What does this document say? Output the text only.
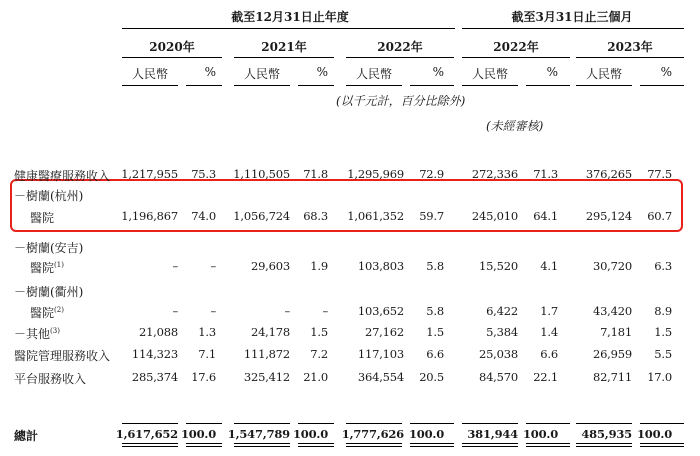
截至12月31日止年度	截至3月31日止三個月
2020年	2021年	2022年	2022年	2023年
人民幣	%	人民幣	%	人民幣	%	人民幣	%	人民幣	%
(以千元計，百分比除外)
(未經審核)
健康醫療服務收入 1,217,955	75.3	1,110,505	71.8	1,295,969	72.9	272,336	71.3	376,265	77.5
－樹蘭(杭州)
醫院	1,196,867	74.0	1,056,724	68.3	1,061,352	59.7	245,010	64.1	295,124	60.7
－樹蘭(安吉)
醫院$^{(1)}$	–	–	29,603	1.9	103,803	5.8	15,520	4.1	30,720	6.3
－樹蘭(衢州)
醫院$^{(2)}$	–	–	–	–	103,652	5.8	6,422	1.7	43,420	8.9
－其他$^{(3)}$	21,088	1.3	24,178	1.5	27,162	1.5	5,384	1.4	7,181	1.5
醫院管理服務收入	114,323	7.1	111,872	7.2	117,103	6.6	25,038	6.6	26,959	5.5
平台服務收入	285,374	17.6	325,412	21.0	364,554	20.5	84,570	22.1	82,711	17.0
總計	1,617,652 100.0	1,547,789 100.0	1,777,626 100.0	381,944 100.0	485,935 100.0
